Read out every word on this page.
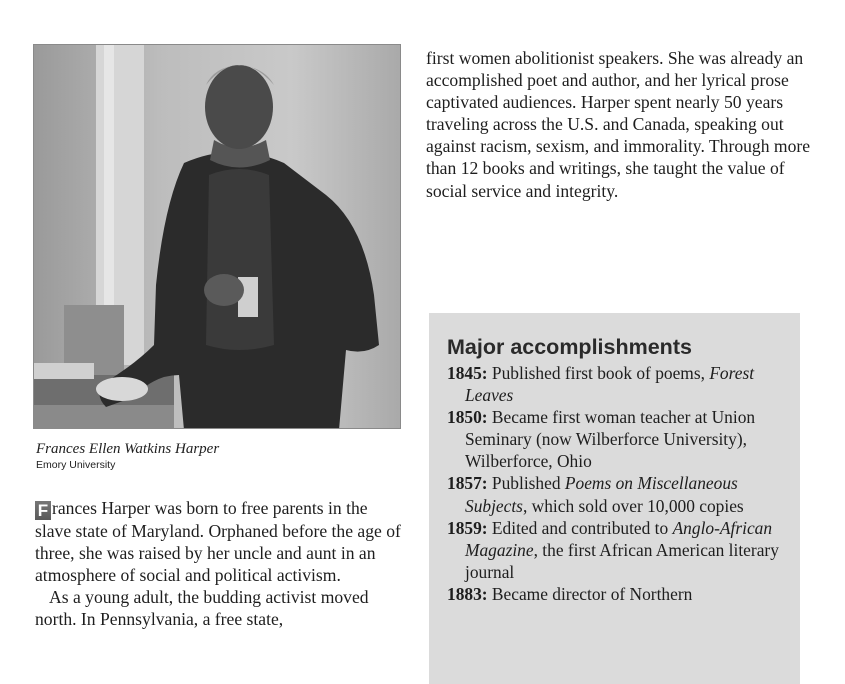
Frances Ellen Watkins Harper
Emory University

F rances Harper was born to free parents in the slave state of Maryland. Orphaned before the age of three, she was raised by her uncle and aunt in an atmosphere of social and political activism.

As a young adult, the budding activist moved north. In Pennsylvania, a free state,

first women abolitionist speakers. She was already an accomplished poet and author, and her lyrical prose captivated audiences. Harper spent nearly 50 years traveling across the U.S. and Canada, speaking out against racism, sexism, and immorality. Through more than 12 books and writings, she taught the value of social service and integrity.

Major accomplishments
1845: Published first book of poems, Forest Leaves
1850: Became first woman teacher at Union Seminary (now Wilberforce University), Wilberforce, Ohio
1857: Published Poems on Miscellaneous Subjects, which sold over 10,000 copies
1859: Edited and contributed to Anglo-African Magazine, the first African American literary journal
1883: Became director of Northern
